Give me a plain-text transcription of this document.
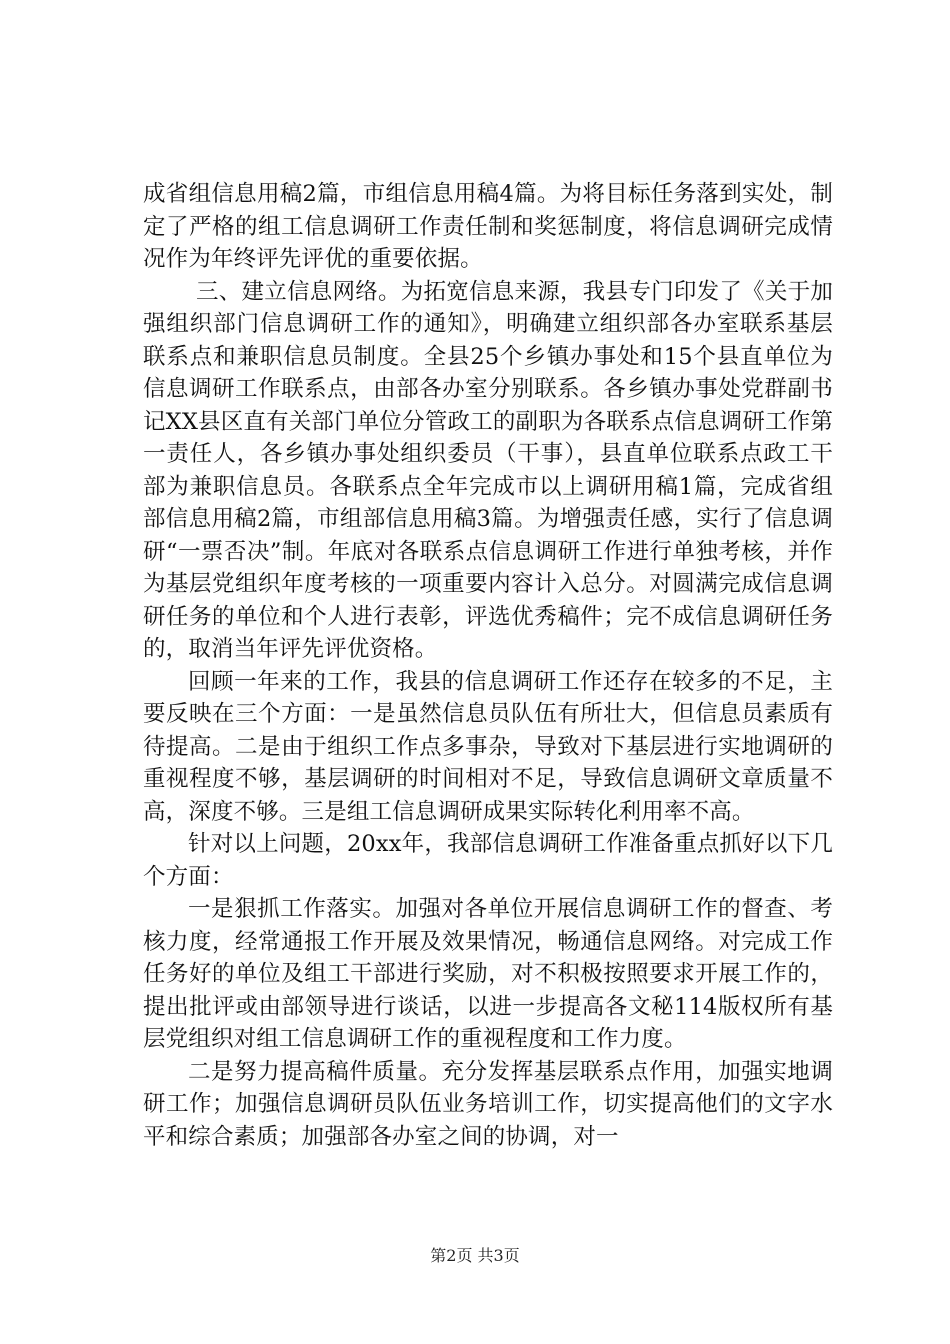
成省组信息用稿2篇，市组信息用稿4篇。为将目标任务落到实处，制定了严格的组工信息调研工作责任制和奖惩制度，将信息调研完成情况作为年终评先评优的重要依据。

三、建立信息网络。为拓宽信息来源，我县专门印发了《关于加强组织部门信息调研工作的通知》，明确建立组织部各办室联系基层联系点和兼职信息员制度。全县25个乡镇办事处和15个县直单位为信息调研工作联系点，由部各办室分别联系。各乡镇办事处党群副书记XX县区直有关部门单位分管政工的副职为各联系点信息调研工作第一责任人，各乡镇办事处组织委员（干事），县直单位联系点政工干部为兼职信息员。各联系点全年完成市以上调研用稿1篇，完成省组部信息用稿2篇，市组部信息用稿3篇。为增强责任感，实行了信息调研“一票否决”制。年底对各联系点信息调研工作进行单独考核，并作为基层党组织年度考核的一项重要内容计入总分。对圆满完成信息调研任务的单位和个人进行表彰，评选优秀稿件；完不成信息调研任务的，取消当年评先评优资格。

回顾一年来的工作，我县的信息调研工作还存在较多的不足，主要反映在三个方面：一是虽然信息员队伍有所壮大，但信息员素质有待提高。二是由于组织工作点多事杂，导致对下基层进行实地调研的重视程度不够，基层调研的时间相对不足，导致信息调研文章质量不高，深度不够。三是组工信息调研成果实际转化利用率不高。

针对以上问题，20xx年，我部信息调研工作准备重点抓好以下几个方面：

一是狠抓工作落实。加强对各单位开展信息调研工作的督查、考核力度，经常通报工作开展及效果情况，畅通信息网络。对完成工作任务好的单位及组工干部进行奖励，对不积极按照要求开展工作的，提出批评或由部领导进行谈话，以进一步提高各文秘114版权所有基层党组织对组工信息调研工作的重视程度和工作力度。

二是努力提高稿件质量。充分发挥基层联系点作用，加强实地调研工作；加强信息调研员队伍业务培训工作，切实提高他们的文字水平和综合素质；加强部各办室之间的协调，对一

第2页 共3页
